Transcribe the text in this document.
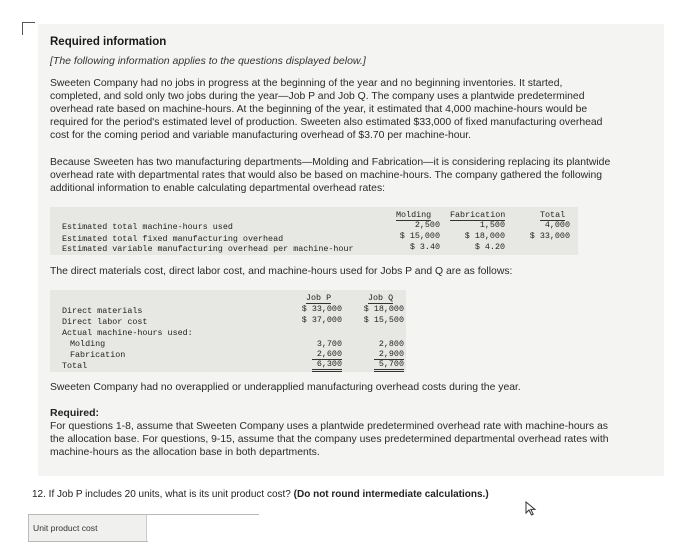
Required information
[The following information applies to the questions displayed below.]
Sweeten Company had no jobs in progress at the beginning of the year and no beginning inventories. It started,
completed, and sold only two jobs during the year—Job P and Job Q. The company uses a plantwide predetermined
overhead rate based on machine-hours. At the beginning of the year, it estimated that 4,000 machine-hours would be
required for the period's estimated level of production. Sweeten also estimated $33,000 of fixed manufacturing overhead
cost for the coming period and variable manufacturing overhead of $3.70 per machine-hour.
Because Sweeten has two manufacturing departments—Molding and Fabrication—it is considering replacing its plantwide
overhead rate with departmental rates that would also be based on machine-hours. The company gathered the following
additional information to enable calculating departmental overhead rates:
Molding Fabrication	Total
Estimated total machine-hours used	2,500	1,500	4,000
Estimated total fixed manufacturing overhead	$ 15,000	$ 18,000	$ 33,000
Estimated variable manufacturing overhead per machine-hour	$ 3.40	$ 4.20
The direct materials cost, direct labor cost, and machine-hours used for Jobs P and Q are as follows:
Job P	Job Q
Direct materials	$ 33,000	$ 18,000
Direct labor cost	$ 37,000	$ 15,500
Actual machine-hours used:
Molding	3,700	2,800
Fabrication	2,600	2,900
Total	6,300	5,700
Sweeten Company had no overapplied or underapplied manufacturing overhead costs during the year.
Required:
For questions 1-8, assume that Sweeten Company uses a plantwide predetermined overhead rate with machine-hours as
the allocation base. For questions, 9-15, assume that the company uses predetermined departmental overhead rates with
machine-hours as the allocation base in both departments.
12. If Job P includes 20 units, what is its unit product cost? (Do not round intermediate calculations.)
Unit product cost
